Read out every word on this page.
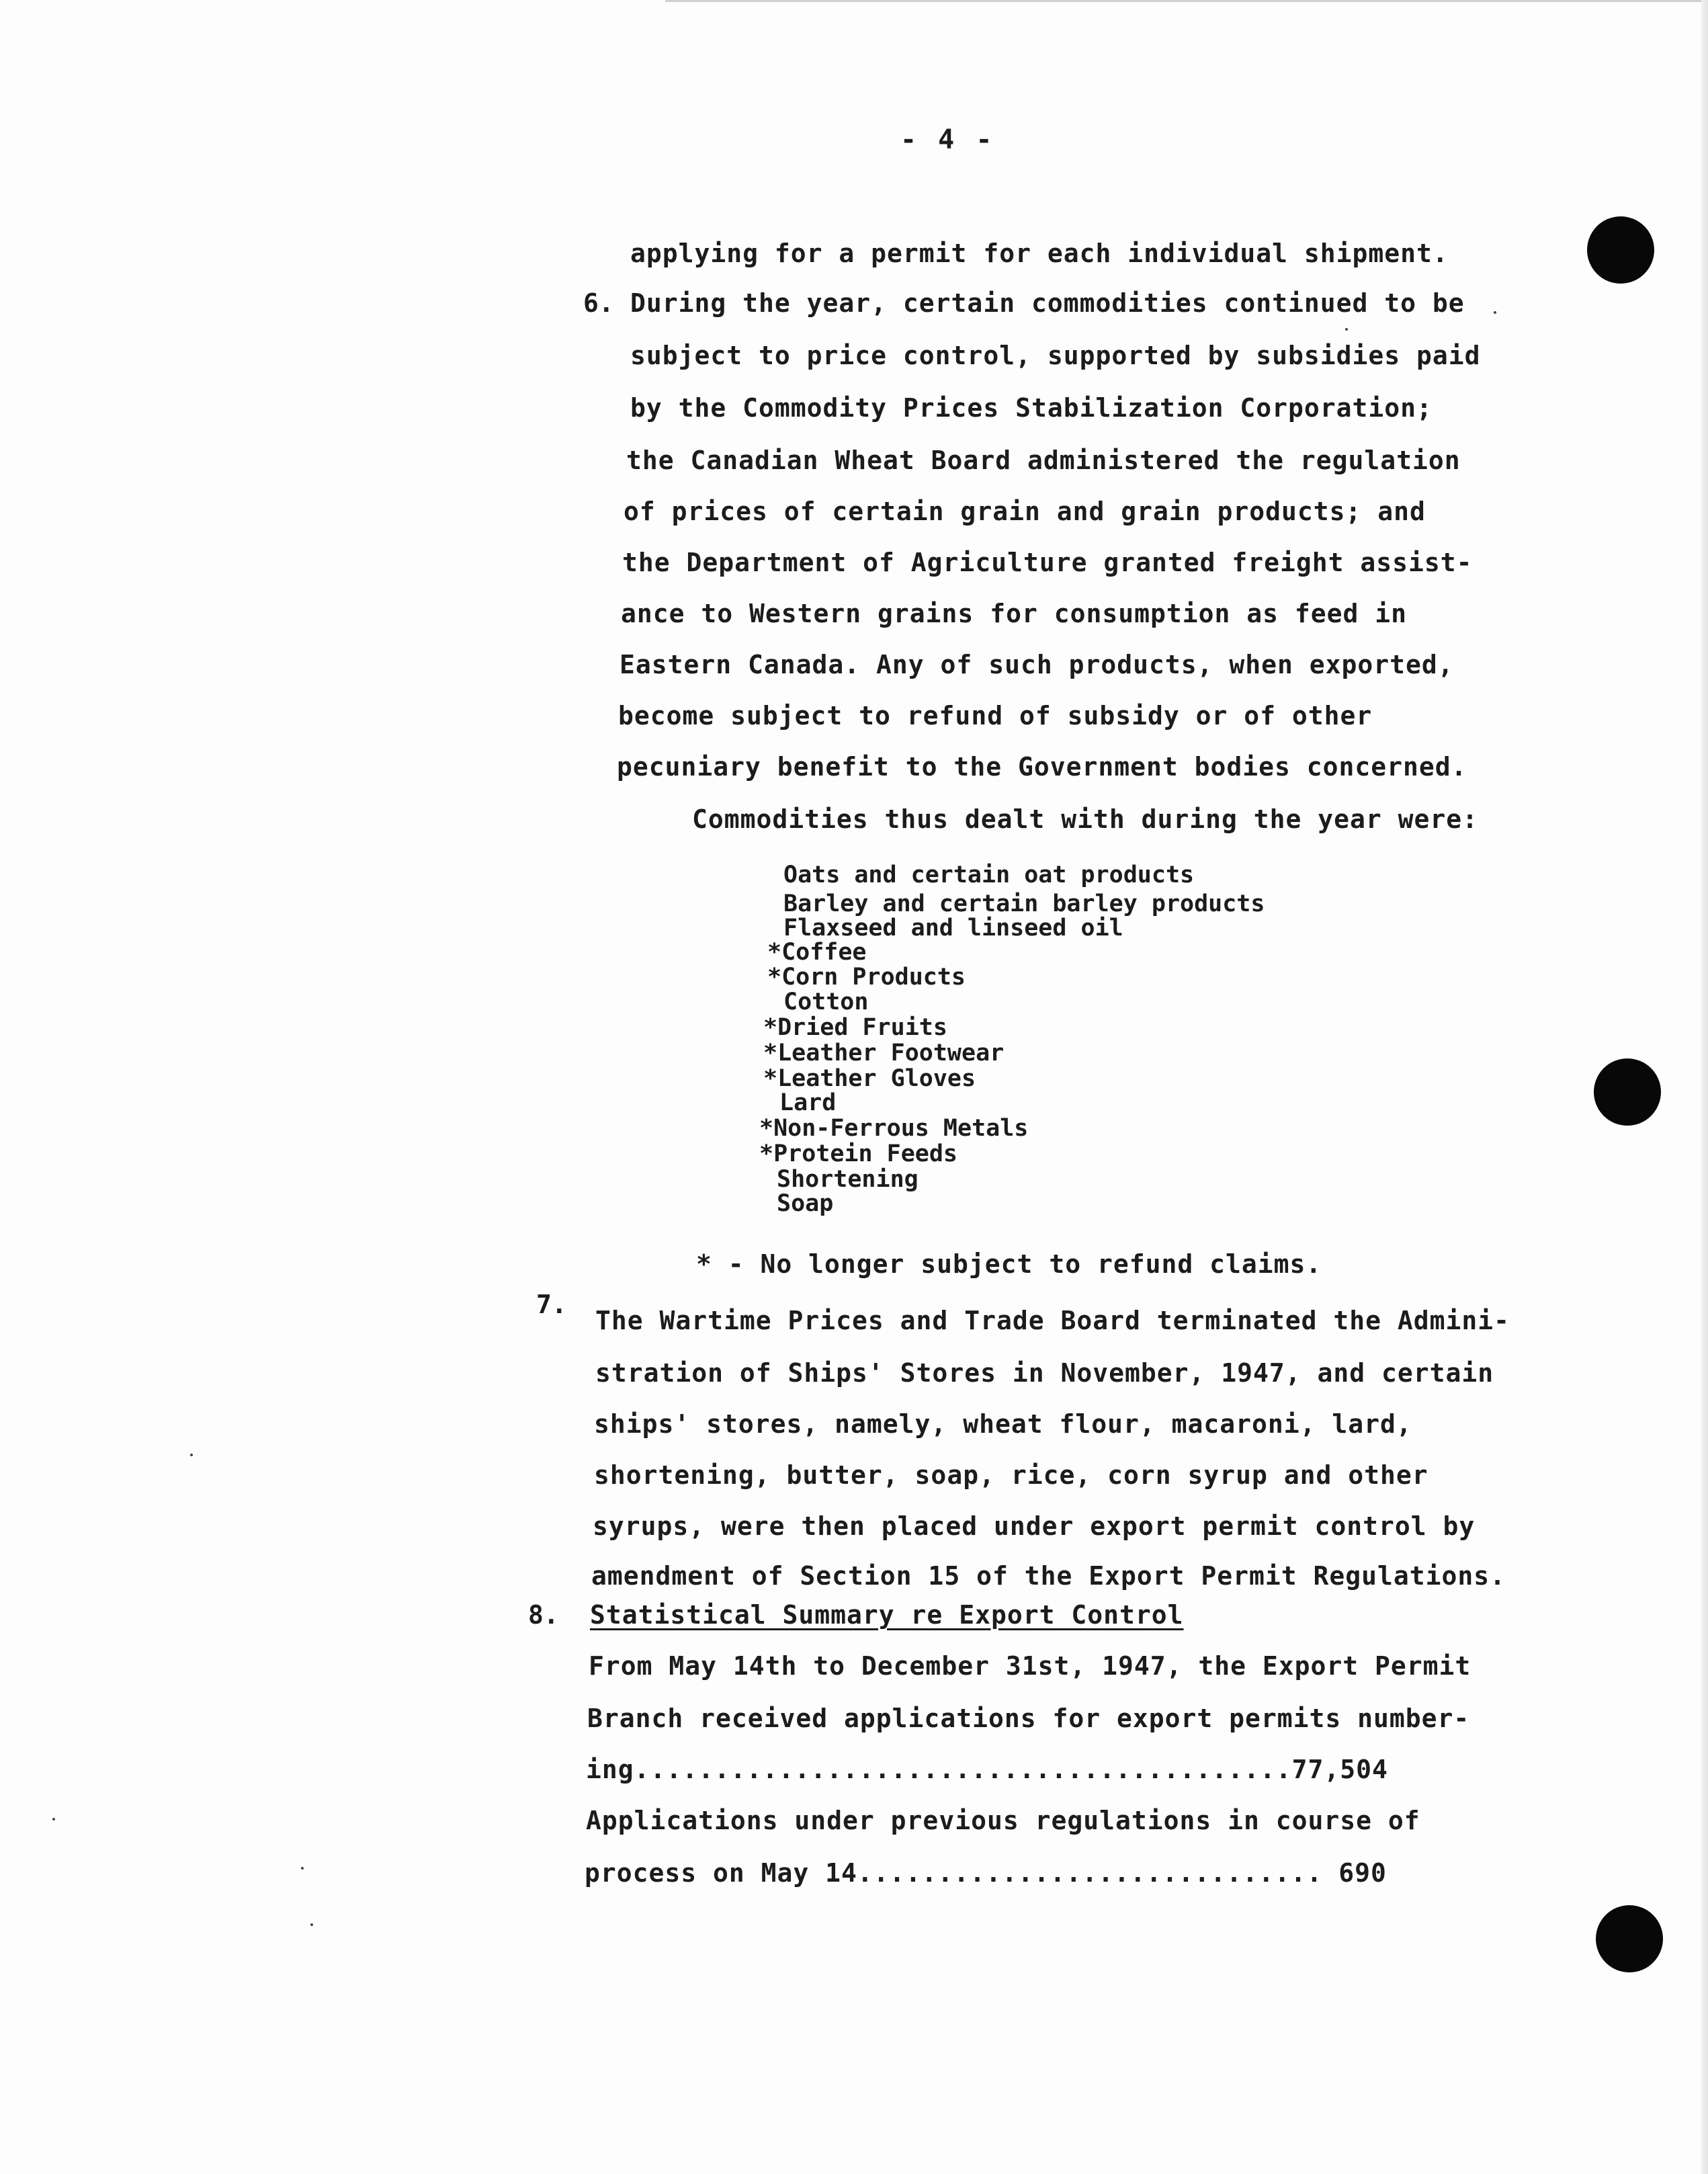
- 4 -
applying for a permit for each individual shipment.
6. During the year, certain commodities continued to be
subject to price control, supported by subsidies paid
by the Commodity Prices Stabilization Corporation;
the Canadian Wheat Board administered the regulation
of prices of certain grain and grain products; and
the Department of Agriculture granted freight assist-
ance to Western grains for consumption as feed in
Eastern Canada. Any of such products, when exported,
become subject to refund of subsidy or of other
pecuniary benefit to the Government bodies concerned.
Commodities thus dealt with during the year were:
Oats and certain oat products
Barley and certain barley products
Flaxseed and linseed oil
*Coffee
*Corn Products
Cotton
*Dried Fruits
*Leather Footwear
*Leather Gloves
Lard
*Non-Ferrous Metals
*Protein Feeds
Shortening
Soap
* - No longer subject to refund claims.
7.
The Wartime Prices and Trade Board terminated the Admini-
stration of Ships' Stores in November, 1947, and certain
ships' stores, namely, wheat flour, macaroni, lard,
shortening, butter, soap, rice, corn syrup and other
syrups, were then placed under export permit control by
amendment of Section 15 of the Export Permit Regulations.
8. Statistical Summary re Export Control
From May 14th to December 31st, 1947, the Export Permit
Branch received applications for export permits number-
ing.........................................77,504
Applications under previous regulations in course of
process on May 14............................. 690
